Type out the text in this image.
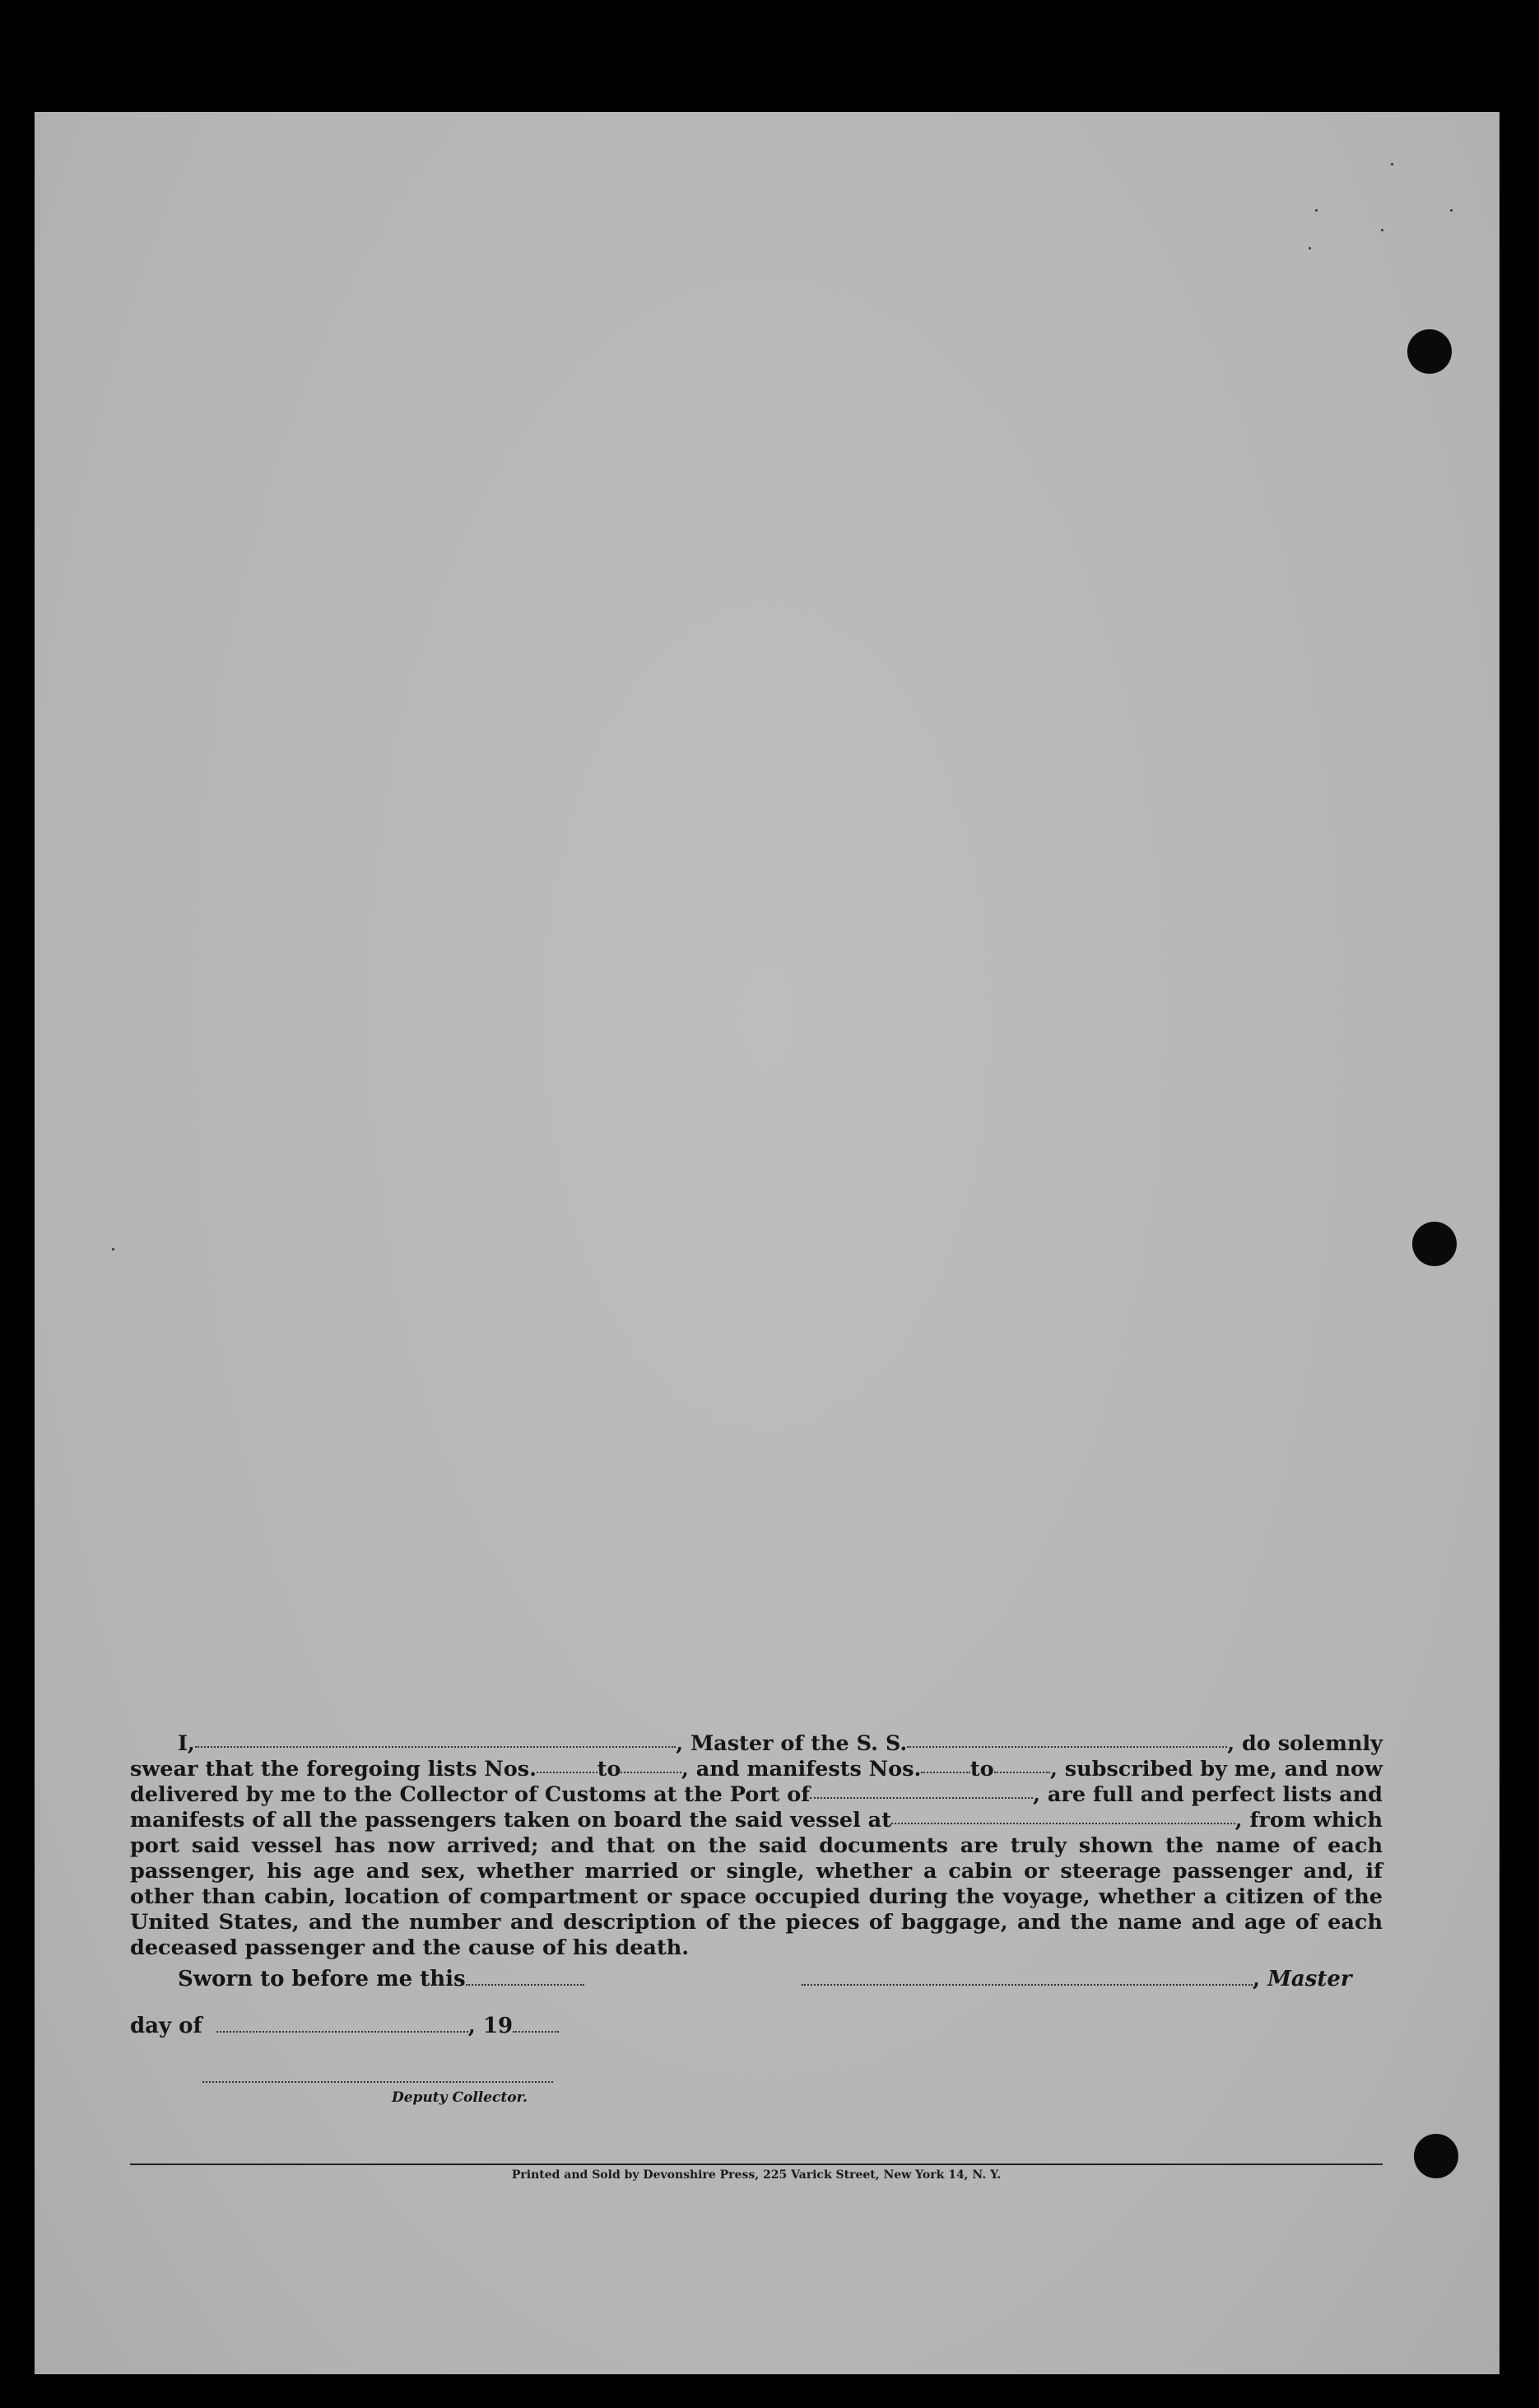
I,	, Master of the S. S.	, do solemnly
swear that the foregoing lists Nos.	to	, and manifests Nos. to	, subscribed by me, and now
delivered by me to the Collector of Customs at the Port of	, are full and perfect lists and
manifests of all the passengers taken on board the said vessel at	, from which
port said vessel has now arrived; and that on the said documents are truly shown the name of each passenger, his age and sex, whether married or single, whether a cabin or steerage passenger and, if other than cabin, location of compartment or space occupied during the voyage, whether a citizen of the United States, and the number and description of the pieces of baggage, and the name and age of each deceased passenger and the cause of his death.
Sworn to before me this	, Master
day of	, 19
Deputy Collector.
Printed and Sold by Devonshire Press, 225 Varick Street, New York 14, N. Y.
